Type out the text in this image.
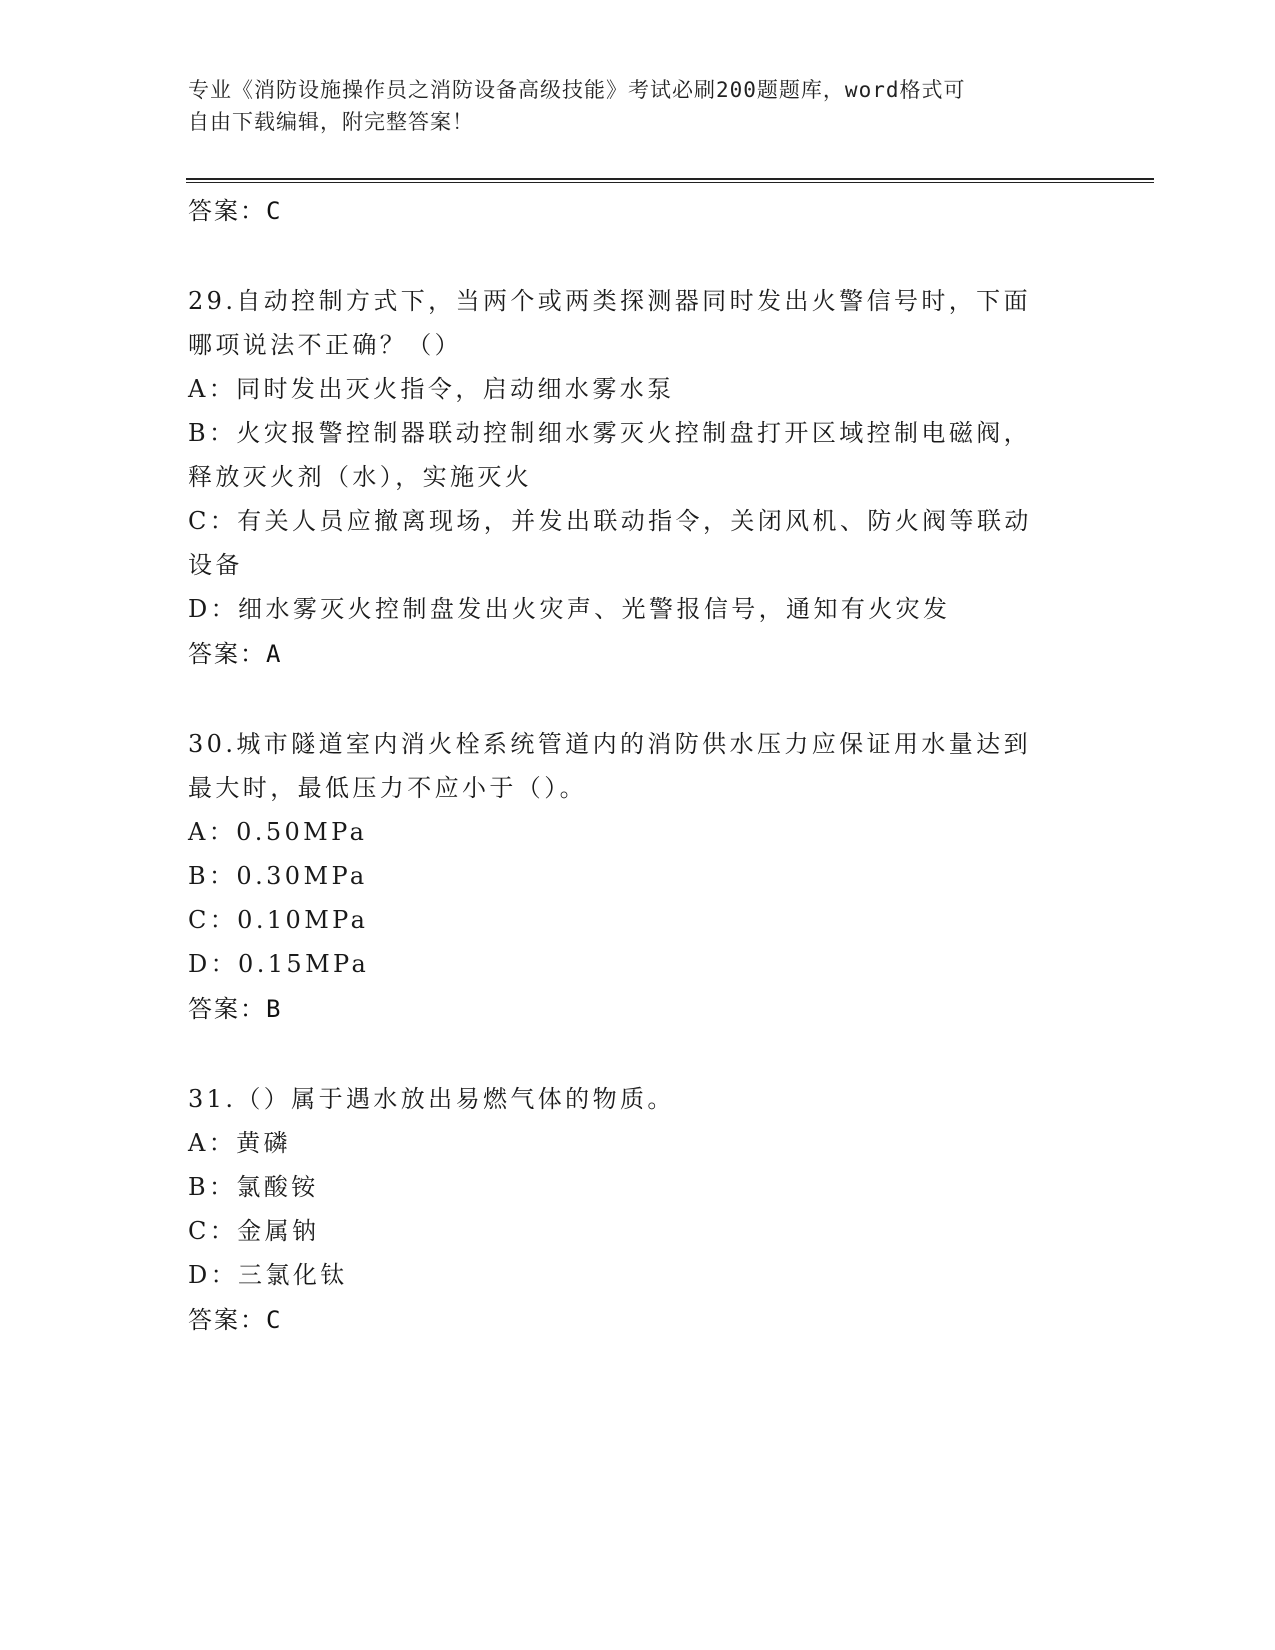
专业《消防设施操作员之消防设备高级技能》考试必刷200题题库，word格式可
自由下载编辑，附完整答案！
答案：C
29.自动控制方式下，当两个或两类探测器同时发出火警信号时，下面
哪项说法不正确？（）
A：同时发出灭火指令，启动细水雾水泵
B：火灾报警控制器联动控制细水雾灭火控制盘打开区域控制电磁阀，
释放灭火剂（水），实施灭火
C：有关人员应撤离现场，并发出联动指令，关闭风机、防火阀等联动
设备
D：细水雾灭火控制盘发出火灾声、光警报信号，通知有火灾发
答案：A
30.城市隧道室内消火栓系统管道内的消防供水压力应保证用水量达到
最大时，最低压力不应小于（）。
A：0.50MPa
B：0.30MPa
C：0.10MPa
D：0.15MPa
答案：B
31.（）属于遇水放出易燃气体的物质。
A：黄磷
B：氯酸铵
C：金属钠
D：三氯化钛
答案：C
